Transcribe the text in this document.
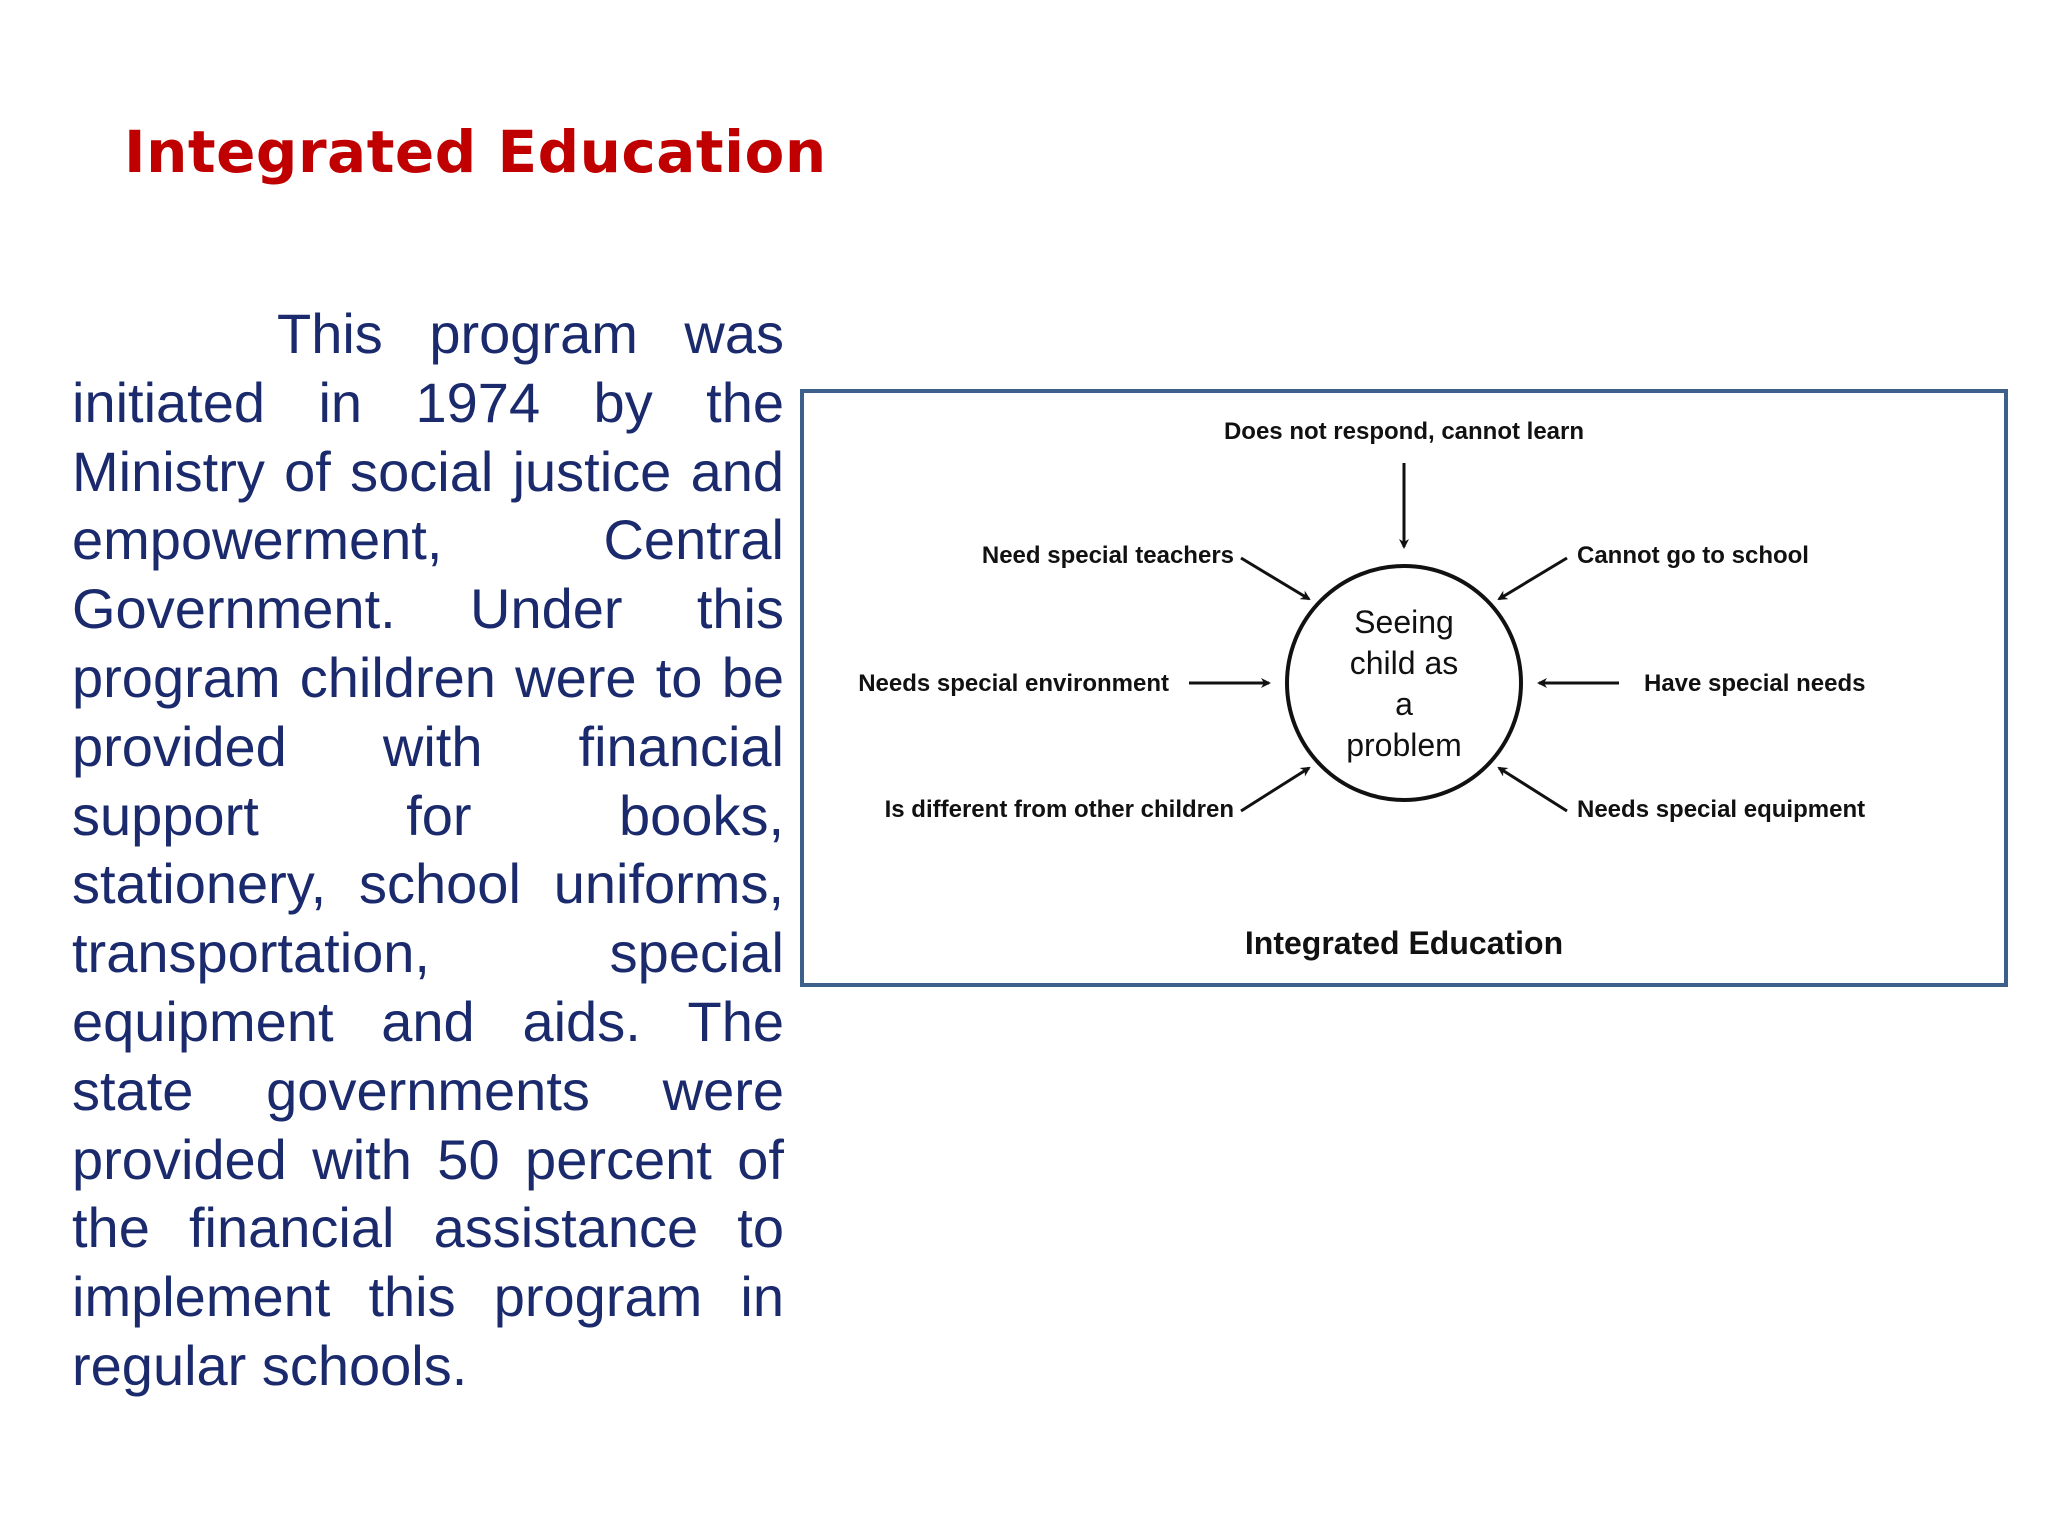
Integrated Education

This program was initiated in 1974 by the Ministry of social justice and empowerment, Central Government. Under this program children were to be provided with financial support for books, stationery, school uniforms, transportation, special equipment and aids. The state governments were provided with 50 percent of the financial assistance to implement this program in regular schools.

Seeing
child as
a
problem
Does not respond, cannot learn
Need special teachers	Cannot go to school
Needs special environment	Have special needs
Is different from other children	Needs special equipment
Integrated Education
